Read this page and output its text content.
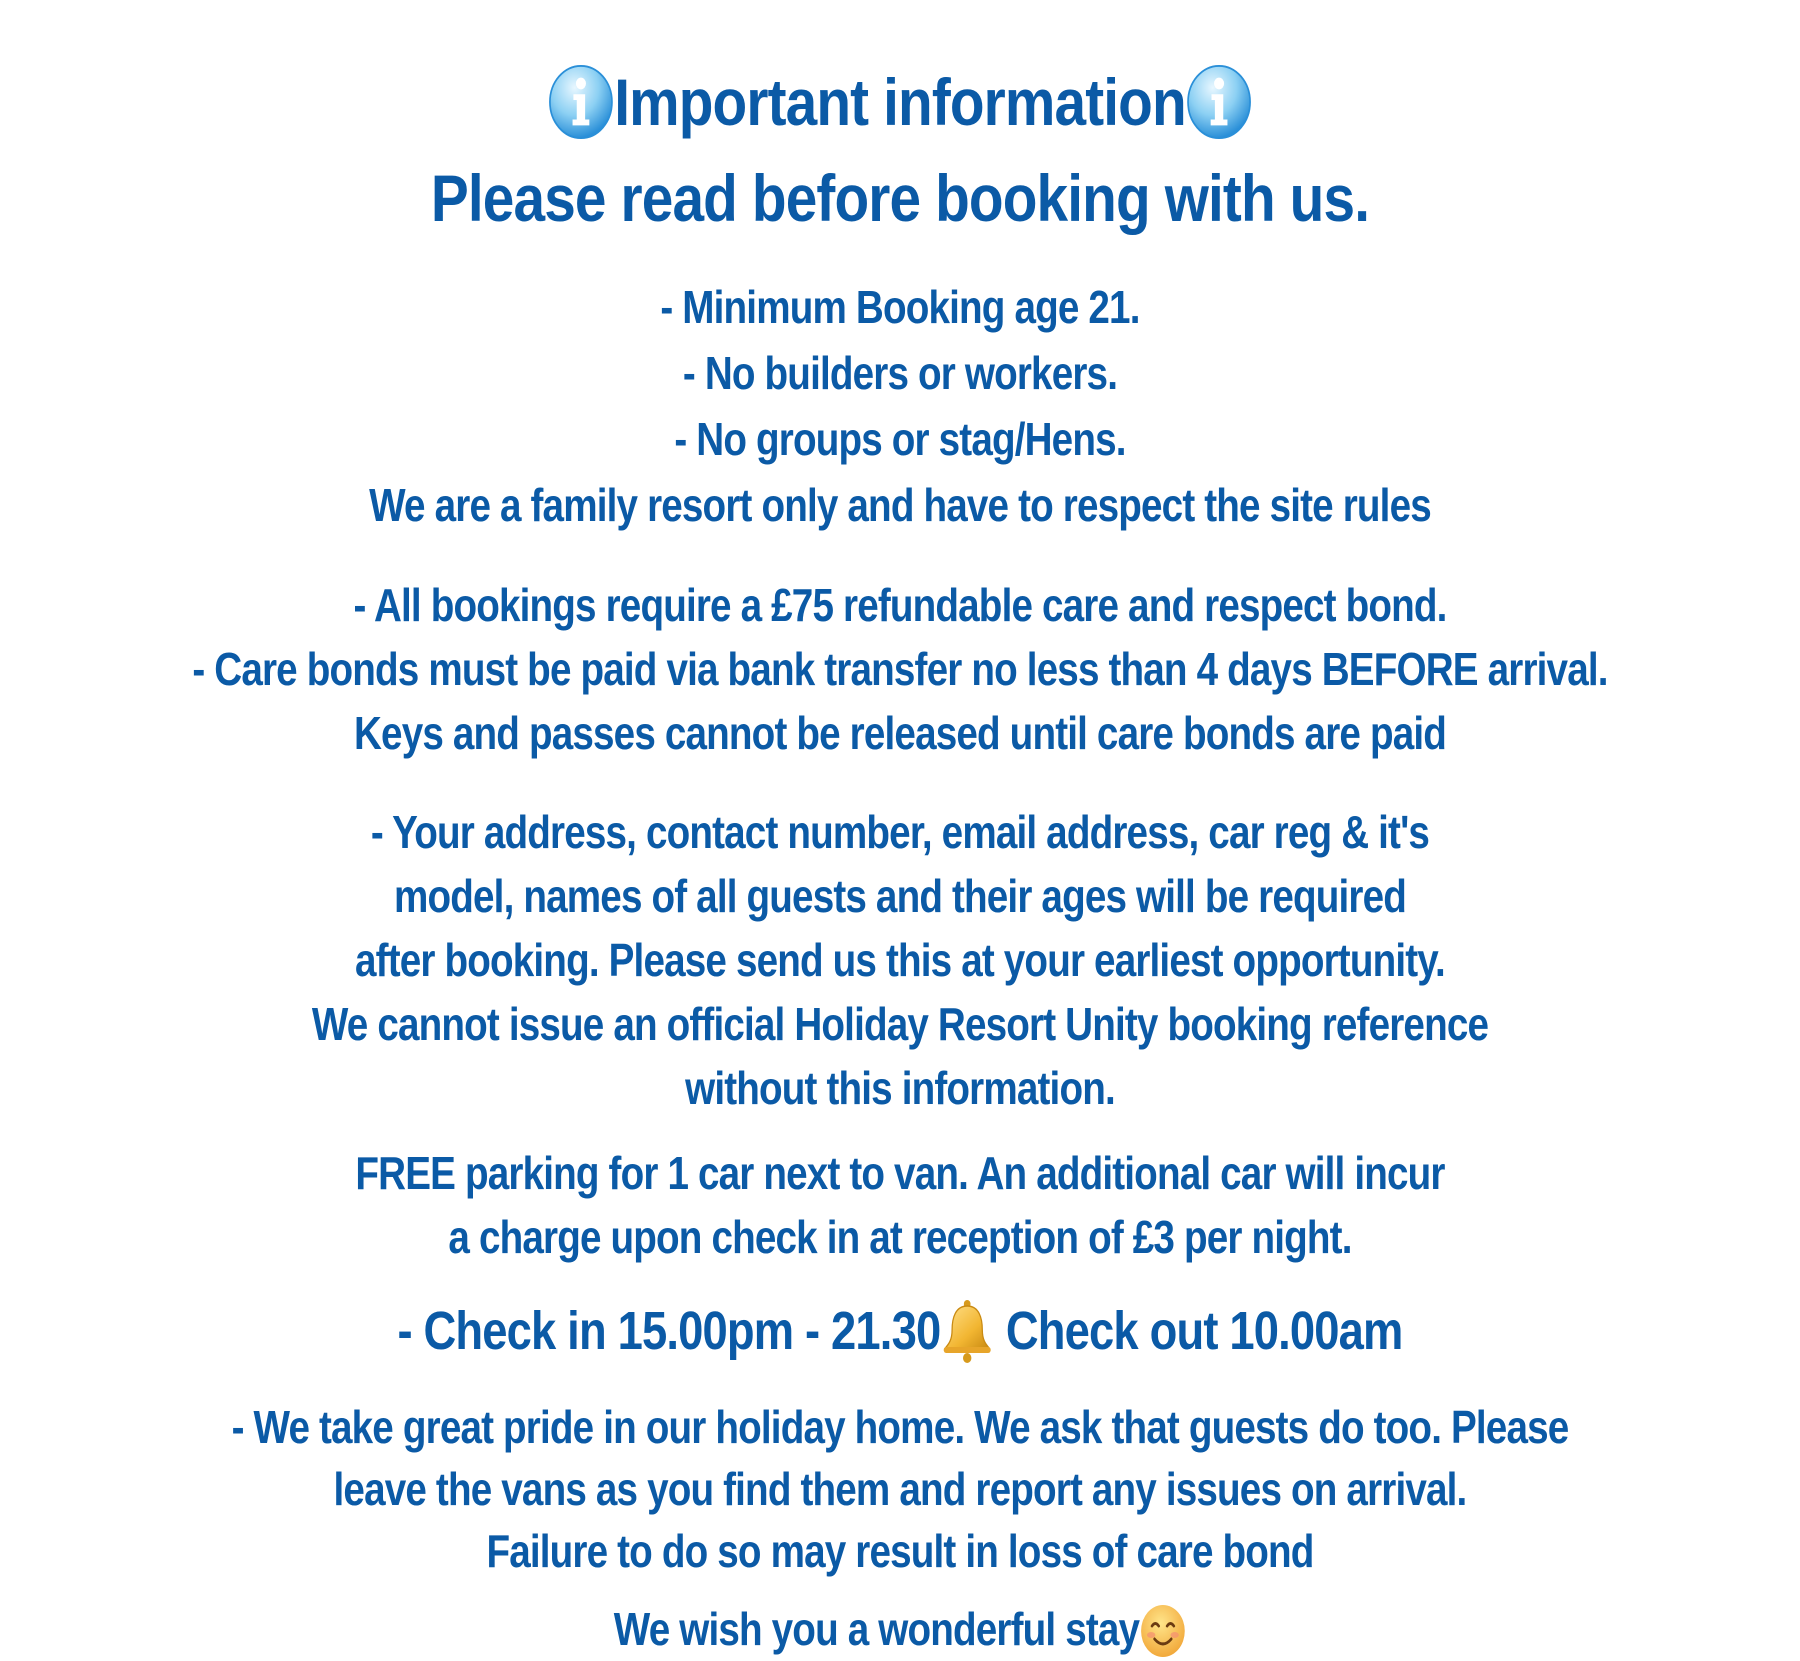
Important information
Please read before booking with us.
- Minimum Booking age 21.
- No builders or workers.
- No groups or stag/Hens.
We are a family resort only and have to respect the site rules
- All bookings require a £75 refundable care and respect bond.
- Care bonds must be paid via bank transfer no less than 4 days BEFORE arrival.
Keys and passes cannot be released until care bonds are paid
- Your address, contact number, email address, car reg & it's
model, names of all guests and their ages will be required
after booking. Please send us this at your earliest opportunity.
We cannot issue an official Holiday Resort Unity booking reference
without this information.
FREE parking for 1 car next to van. An additional car will incur
a charge upon check in at reception of £3 per night.
- Check in 15.00pm - 21.30 Check out 10.00am
- We take great pride in our holiday home. We ask that guests do too. Please
leave the vans as you find them and report any issues on arrival.
Failure to do so may result in loss of care bond
We wish you a wonderful stay
